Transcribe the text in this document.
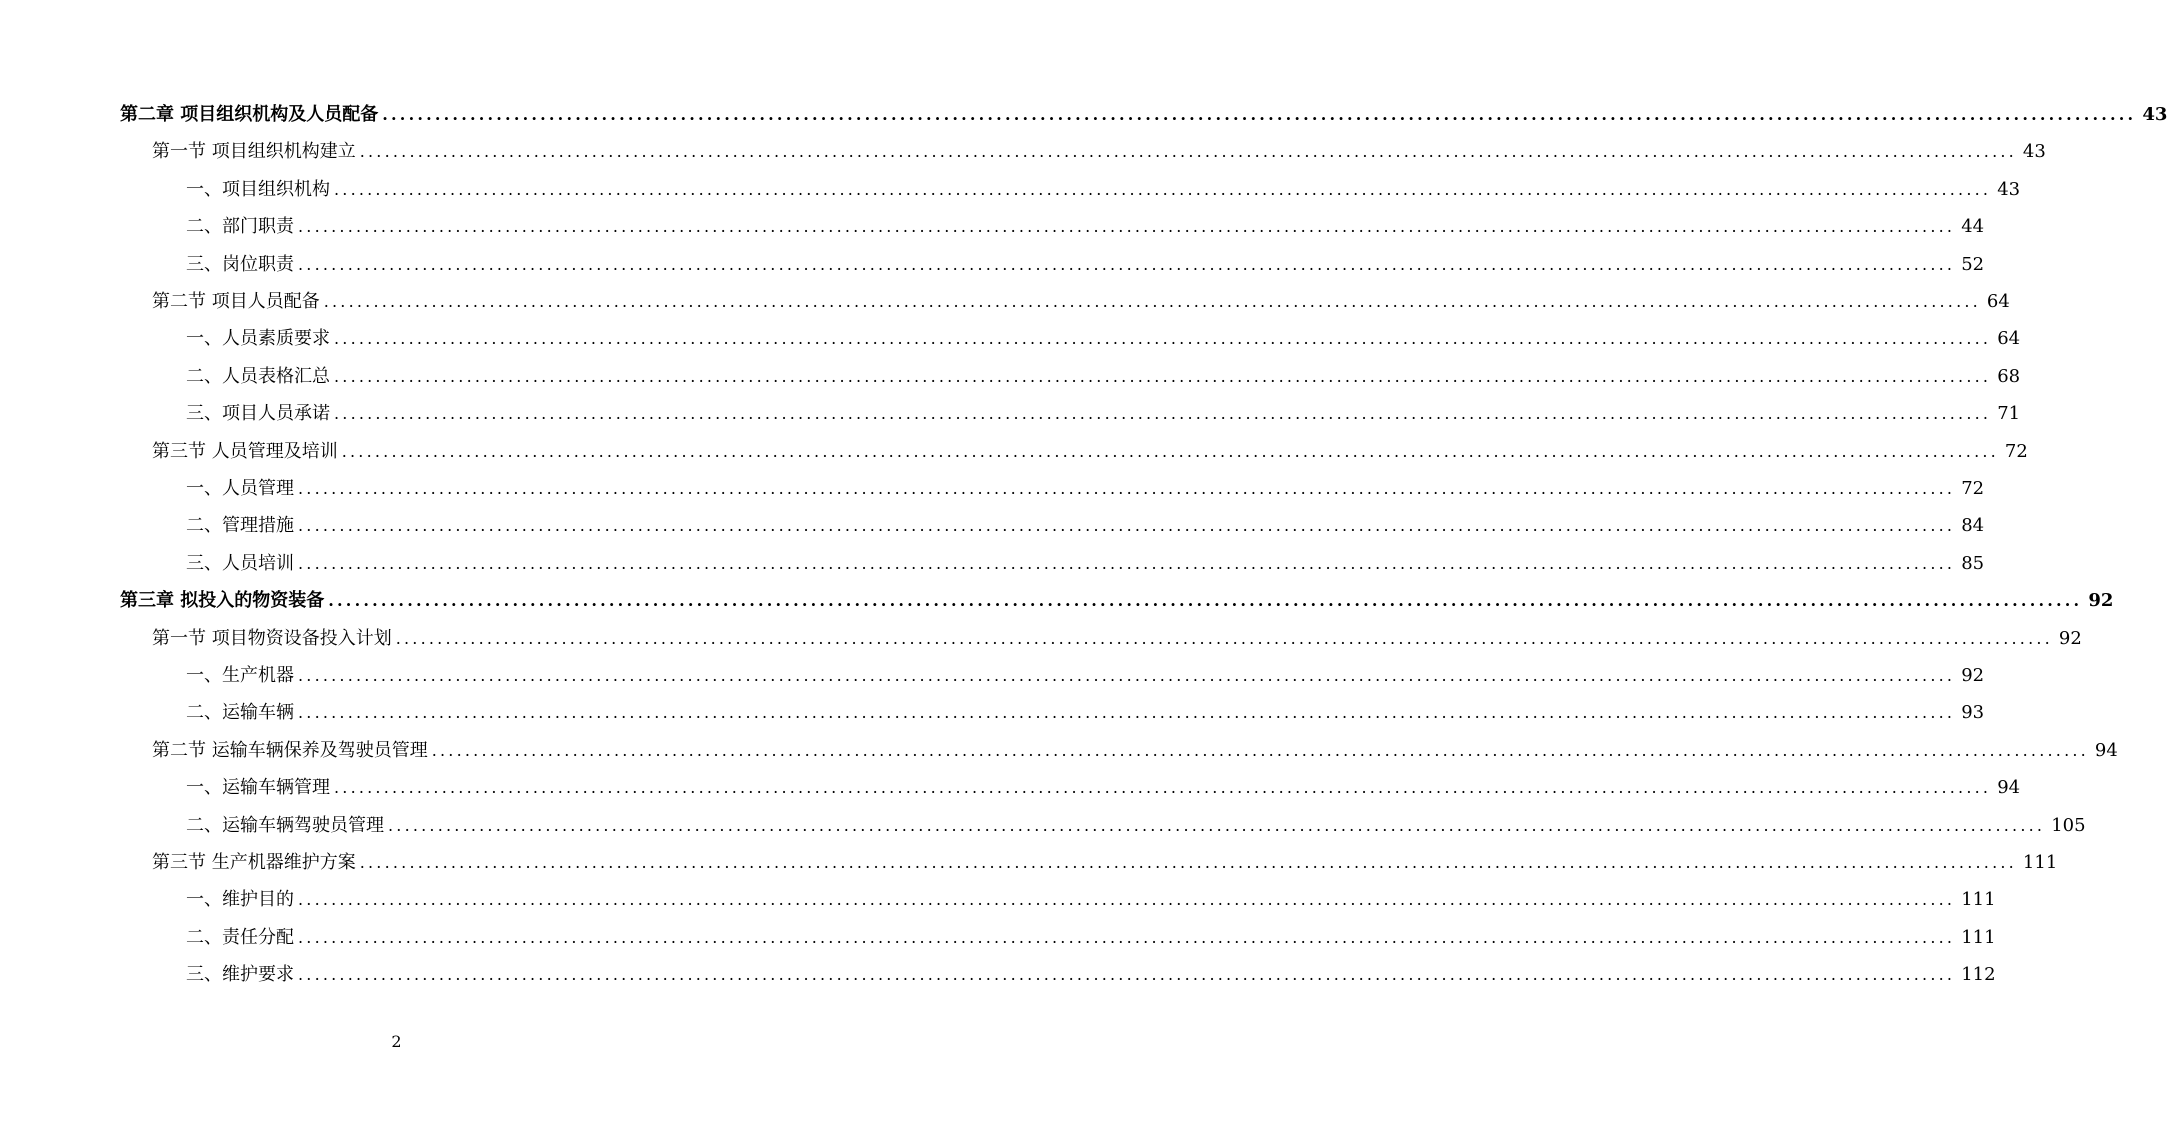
第二章 项目组织机构及人员配备 ........................................................................................................................................................................................................ 43
第一节 项目组织机构建立 ........................................................................................................................................................................................................ 43
一、项目组织机构 ........................................................................................................................................................................................................ 43
二、部门职责 ........................................................................................................................................................................................................ 44
三、岗位职责 ........................................................................................................................................................................................................ 52
第二节 项目人员配备 ........................................................................................................................................................................................................ 64
一、人员素质要求 ........................................................................................................................................................................................................ 64
二、人员表格汇总 ........................................................................................................................................................................................................ 68
三、项目人员承诺 ........................................................................................................................................................................................................ 71
第三节 人员管理及培训 ........................................................................................................................................................................................................ 72
一、人员管理 ........................................................................................................................................................................................................ 72
二、管理措施 ........................................................................................................................................................................................................ 84
三、人员培训 ........................................................................................................................................................................................................ 85
第三章 拟投入的物资装备 ........................................................................................................................................................................................................ 92
第一节 项目物资设备投入计划 ........................................................................................................................................................................................................ 92
一、生产机器 ........................................................................................................................................................................................................ 92
二、运输车辆 ........................................................................................................................................................................................................ 93
第二节 运输车辆保养及驾驶员管理 ........................................................................................................................................................................................................ 94
一、运输车辆管理 ........................................................................................................................................................................................................ 94
二、运输车辆驾驶员管理 ........................................................................................................................................................................................................ 105
第三节 生产机器维护方案 ........................................................................................................................................................................................................ 111
一、维护目的 ........................................................................................................................................................................................................ 111
二、责任分配 ........................................................................................................................................................................................................ 111
三、维护要求 ........................................................................................................................................................................................................ 112
2
